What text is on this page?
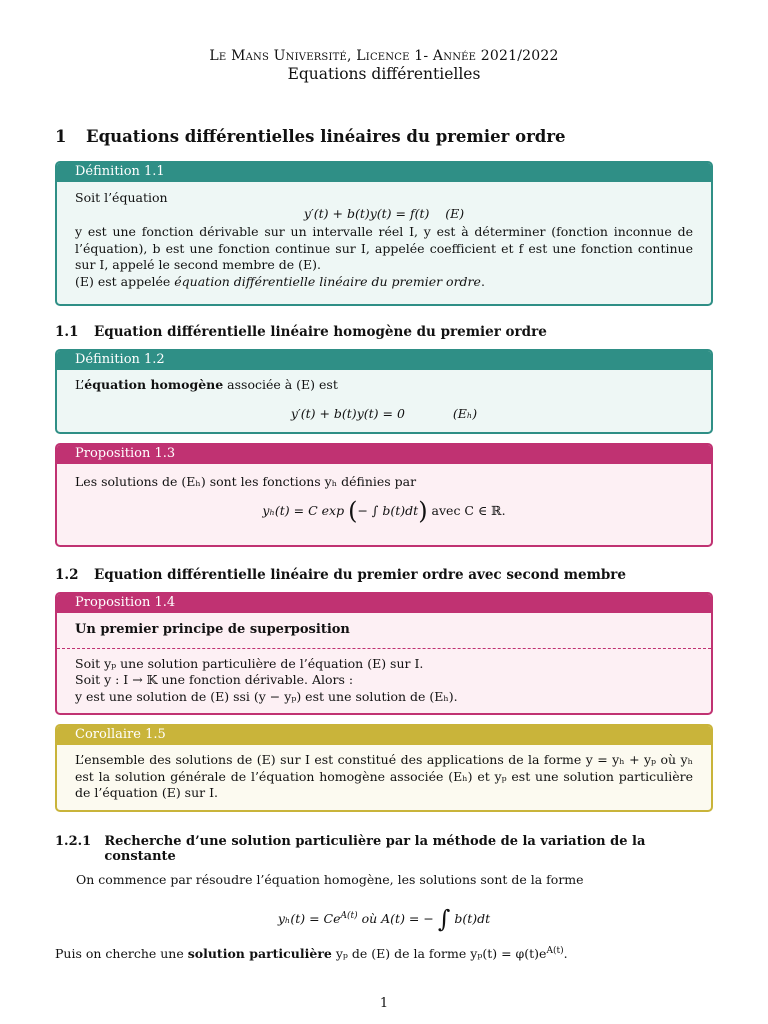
Le Mans Université, Licence 1- Année 2021/2022
Equations différentielles
1	Equations différentielles linéaires du premier ordre
Définition 1.1
Soit l’équation
y′(t) + b(t)y(t) = f(t)    (E)
y est une fonction dérivable sur un intervalle réel I, y est à déterminer (fonction inconnue de l’équation), b est une fonction continue sur I, appelée coefficient et f est une fonction continue sur I, appelé le second membre de (E).
(E) est appelée équation différentielle linéaire du premier ordre.
1.1	Equation différentielle linéaire homogène du premier ordre
Définition 1.2
L’équation homogène associée à (E) est
y′(t) + b(t)y(t) = 0	(Eₕ)
Proposition 1.3
Les solutions de (Eₕ) sont les fonctions yₕ définies par
yₕ(t) = C exp (− ∫ b(t)dt) avec C ∈ ℝ.
1.2	Equation différentielle linéaire du premier ordre avec second membre
Proposition 1.4
Un premier principe de superposition
Soit yₚ une solution particulière de l’équation (E) sur I.
Soit y : I → 𝕂 une fonction dérivable. Alors :
y est une solution de (E) ssi (y − yₚ) est une solution de (Eₕ).
Corollaire 1.5
L’ensemble des solutions de (E) sur I est constitué des applications de la forme y = yₕ + yₚ où yₕ est la solution générale de l’équation homogène associée (Eₕ) et yₚ est une solution particulière de l’équation (E) sur I.
1.2.1	Recherche d’une solution particulière par la méthode de la variation de la constante
On commence par résoudre l’équation homogène, les solutions sont de la forme
$y_h(t) = Ce^{A(t)}$ où A(t) = − ∫ b(t)dt
Puis on cherche une solution particulière yₚ de (E) de la forme $y_p(t) = \varphi(t)e^{A(t)}$.
1
